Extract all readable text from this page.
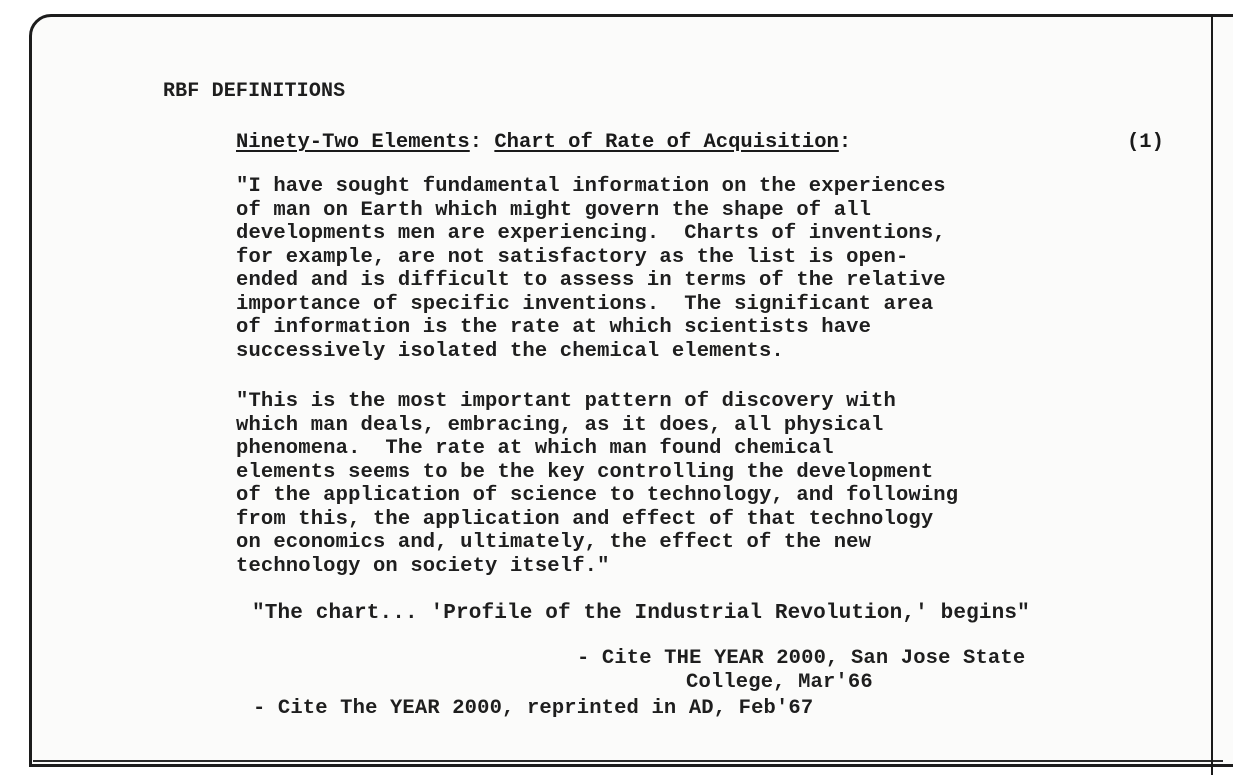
RBF DEFINITIONS
Ninety-Two Elements: Chart of Rate of Acquisition:	(1)
"I have sought fundamental information on the experiences
of man on Earth which might govern the shape of all
developments men are experiencing.  Charts of inventions,
for example, are not satisfactory as the list is open-
ended and is difficult to assess in terms of the relative
importance of specific inventions.  The significant area
of information is the rate at which scientists have
successively isolated the chemical elements.
"This is the most important pattern of discovery with
which man deals, embracing, as it does, all physical
phenomena.  The rate at which man found chemical
elements seems to be the key controlling the development
of the application of science to technology, and following
from this, the application and effect of that technology
on economics and, ultimately, the effect of the new
technology on society itself."
"The chart... 'Profile of the Industrial Revolution,' begins"
- Cite THE YEAR 2000, San Jose State
College, Mar'66
- Cite The YEAR 2000, reprinted in AD, Feb'67
